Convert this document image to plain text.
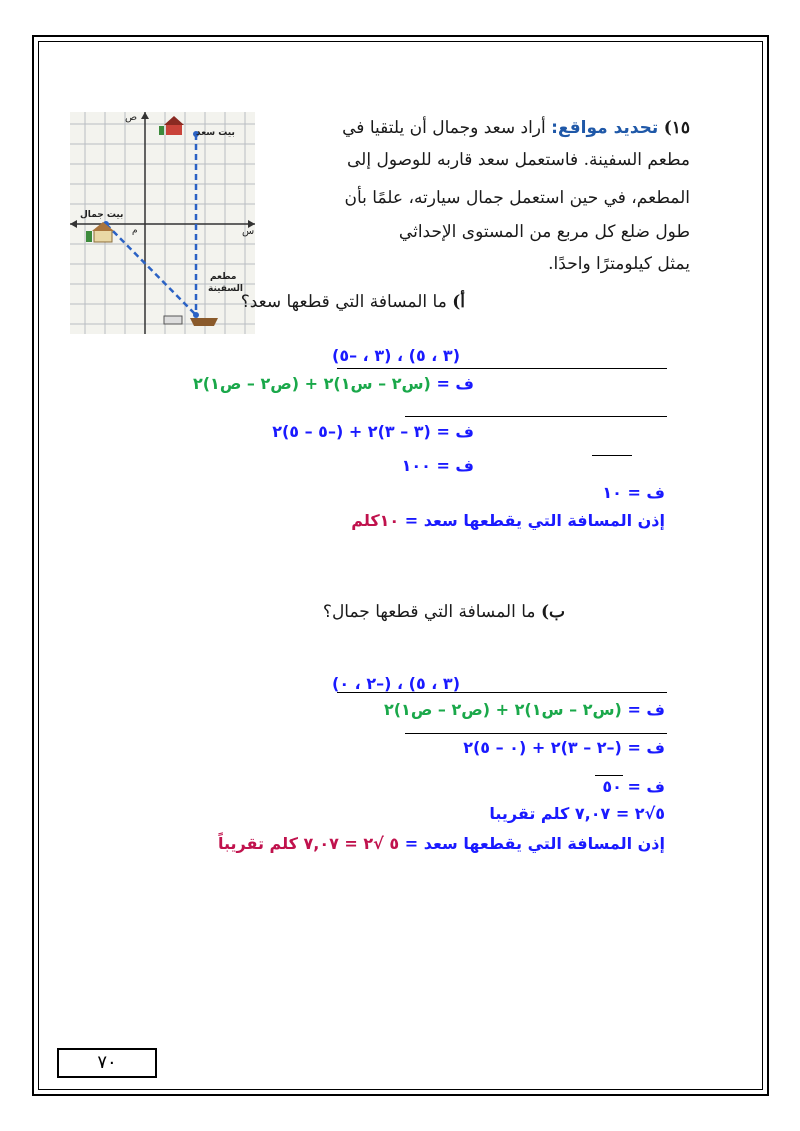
١٥) تحديد مواقع: أراد سعد وجمال أن يلتقيا في
مطعم السفينة. فاستعمل سعد قاربه للوصول إلى
المطعم، في حين استعمل جمال سيارته، علمًا بأن
طول ضلع كل مربع من المستوى الإحداثي
يمثل كيلومترًا واحدًا.
بيت سعد
بيت جمال
مطعم
السفينة
ص
س
م
أ) ما المسافة التي قطعها سعد؟
(٣ ، ٥) ، (٣ ، –٥)
ف = (س٢ – س١)٢ + (ص٢ – ص١)٢
ف = (٣ – ٣)٢ + (–٥ – ٥)٢
ف = ١٠٠
ف = ١٠
إذن المسافة التي يقطعها سعد = ١٠كلم
ب) ما المسافة التي قطعها جمال؟
(٣ ، ٥) ، (–٢ ، ٠)
ف = (س٢ – س١)٢ + (ص٢ – ص١)٢
ف = (–٢ – ٣)٢ + (٠ – ٥)٢
ف = ٥٠
٥√٢ = ٧,٠٧ كلم تقريبا
إذن المسافة التي يقطعها سعد = ٥ √٢ = ٧,٠٧ كلم تقريباً
٧٠
